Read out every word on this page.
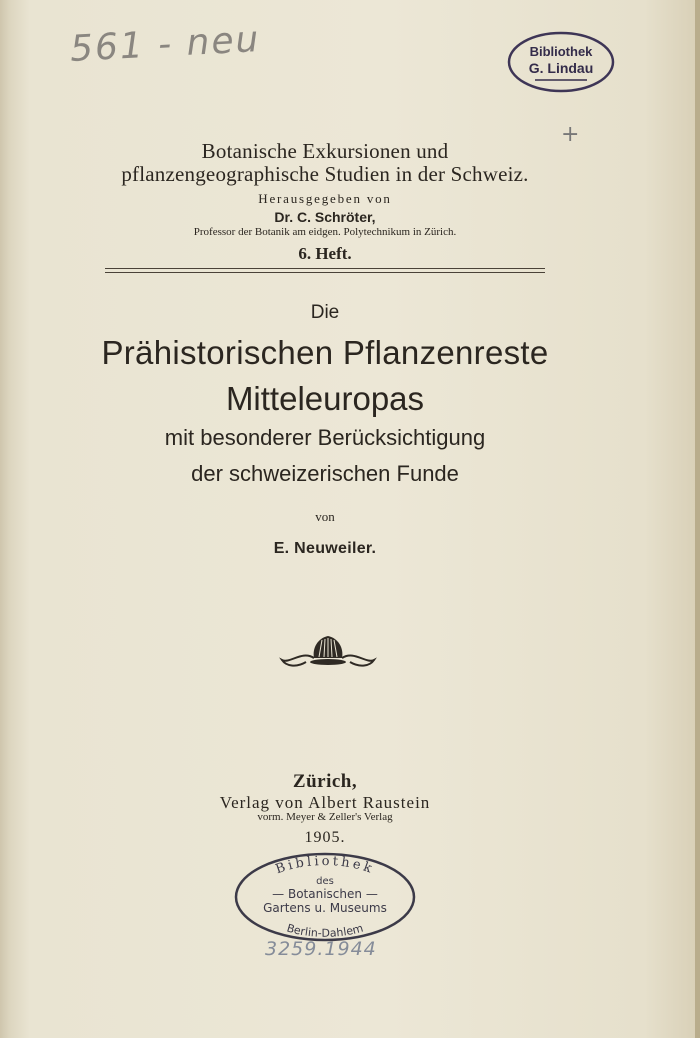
561 - neu	Bibliothek
G. Lindau
+
Botanische Exkursionen und
pflanzengeographische Studien in der Schweiz.
Herausgegeben von
Dr. C. Schröter,
Professor der Botanik am eidgen. Polytechnikum in Zürich.
6. Heft.
Die
Prähistorischen Pflanzenreste
Mitteleuropas
mit besonderer Berücksichtigung
der schweizerischen Funde
von
E. Neuweiler.
Zürich,
Verlag von Albert Raustein
vorm. Meyer & Zeller's Verlag
1905.
Bibliothek
des
— Botanischen —
Gartens u. Museums
Berlin-Dahlem
3259.1944
